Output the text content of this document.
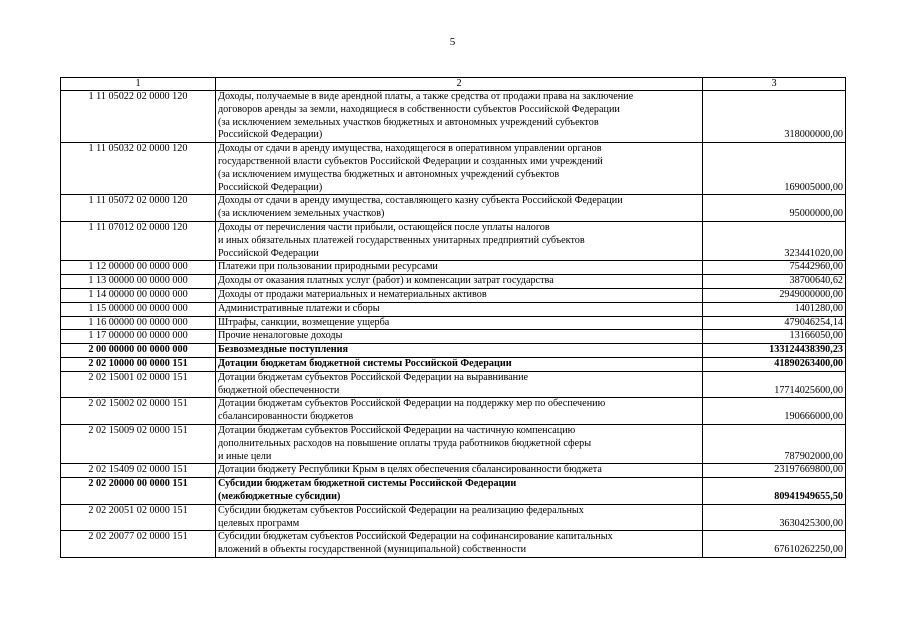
5
1	2	3
1 11 05022 02 0000 120	Доходы, получаемые в виде арендной платы, а также средства от продажи права на заключение
договоров аренды за земли, находящиеся в собственности субъектов Российской Федерации
(за исключением земельных участков бюджетных и автономных учреждений субъектов
Российской Федерации)	318000000,00
1 11 05032 02 0000 120	Доходы от сдачи в аренду имущества, находящегося в оперативном управлении органов
государственной власти субъектов Российской Федерации и созданных ими учреждений
(за исключением имущества бюджетных и автономных учреждений субъектов
Российской Федерации)	169005000,00
1 11 05072 02 0000 120	Доходы от сдачи в аренду имущества, составляющего казну субъекта Российской Федерации
(за исключением земельных участков)	95000000,00
1 11 07012 02 0000 120	Доходы от перечисления части прибыли, остающейся после уплаты налогов
и иных обязательных платежей государственных унитарных предприятий субъектов
Российской Федерации	323441020,00
1 12 00000 00 0000 000	Платежи при пользовании природными ресурсами	75442960,00
1 13 00000 00 0000 000	Доходы от оказания платных услуг (работ) и компенсации затрат государства	38700640,62
1 14 00000 00 0000 000	Доходы от продажи материальных и нематериальных активов	2949000000,00
1 15 00000 00 0000 000	Административные платежи и сборы	1401280,00
1 16 00000 00 0000 000	Штрафы, санкции, возмещение ущерба	479046254,14
1 17 00000 00 0000 000	Прочие неналоговые доходы	13166050,00
2 00 00000 00 0000 000	Безвозмездные поступления	133124438390,23
2 02 10000 00 0000 151	Дотации бюджетам бюджетной системы Российской Федерации	41890263400,00
2 02 15001 02 0000 151	Дотации бюджетам субъектов Российской Федерации на выравнивание
бюджетной обеспеченности	17714025600,00
2 02 15002 02 0000 151	Дотации бюджетам субъектов Российской Федерации на поддержку мер по обеспечению
сбалансированности бюджетов	190666000,00
2 02 15009 02 0000 151	Дотации бюджетам субъектов Российской Федерации на частичную компенсацию
дополнительных расходов на повышение оплаты труда работников бюджетной сферы
и иные цели	787902000,00
2 02 15409 02 0000 151	Дотации бюджету Республики Крым в целях обеспечения сбалансированности бюджета	23197669800,00
2 02 20000 00 0000 151	Субсидии бюджетам бюджетной системы Российской Федерации
(межбюджетные субсидии)	80941949655,50
2 02 20051 02 0000 151	Субсидии бюджетам субъектов Российской Федерации на реализацию федеральных
целевых программ	3630425300,00
2 02 20077 02 0000 151	Субсидии бюджетам субъектов Российской Федерации на софинансирование капитальных
вложений в объекты государственной (муниципальной) собственности	67610262250,00
